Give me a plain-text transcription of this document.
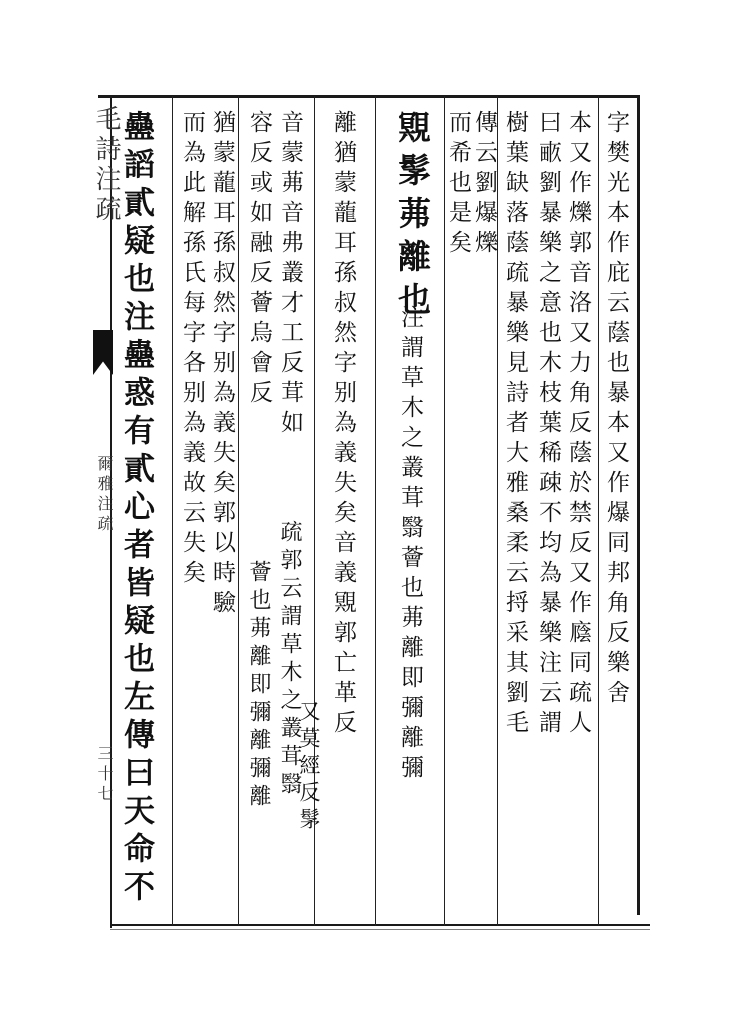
毛詩注疏
爾雅注疏
三十七
字樊光本作庇云蔭也暴本又作爆同邦角反樂舍
本又作爍郭音洛又力角反蔭於禁反又作廕同疏人
曰畞劉暴樂之意也木枝葉稀疎不均為暴樂注云謂
樹葉缺落蔭疏暴樂見詩者大雅桑柔云捋采其劉毛
傳云劉爆爍
而希也是矣
覭髳茀離也
注謂草木之叢茸翳薈也茀離即彌離彌
離猶蒙蘢耳孫叔然字别為義失矣音義覭郭亡革反
又莫經反髳
音蒙茀音弗叢才工反茸如
容反或如融反薈烏會反
疏郭云謂草木之叢茸翳
薈也茀離即彌離彌離
猶蒙蘢耳孫叔然字别為義失矣郭以時驗
而為此解孫氏每字各别為義故云失矣
蠱謟貳疑也注蠱惑有貳心者皆疑也左傳曰天命不
